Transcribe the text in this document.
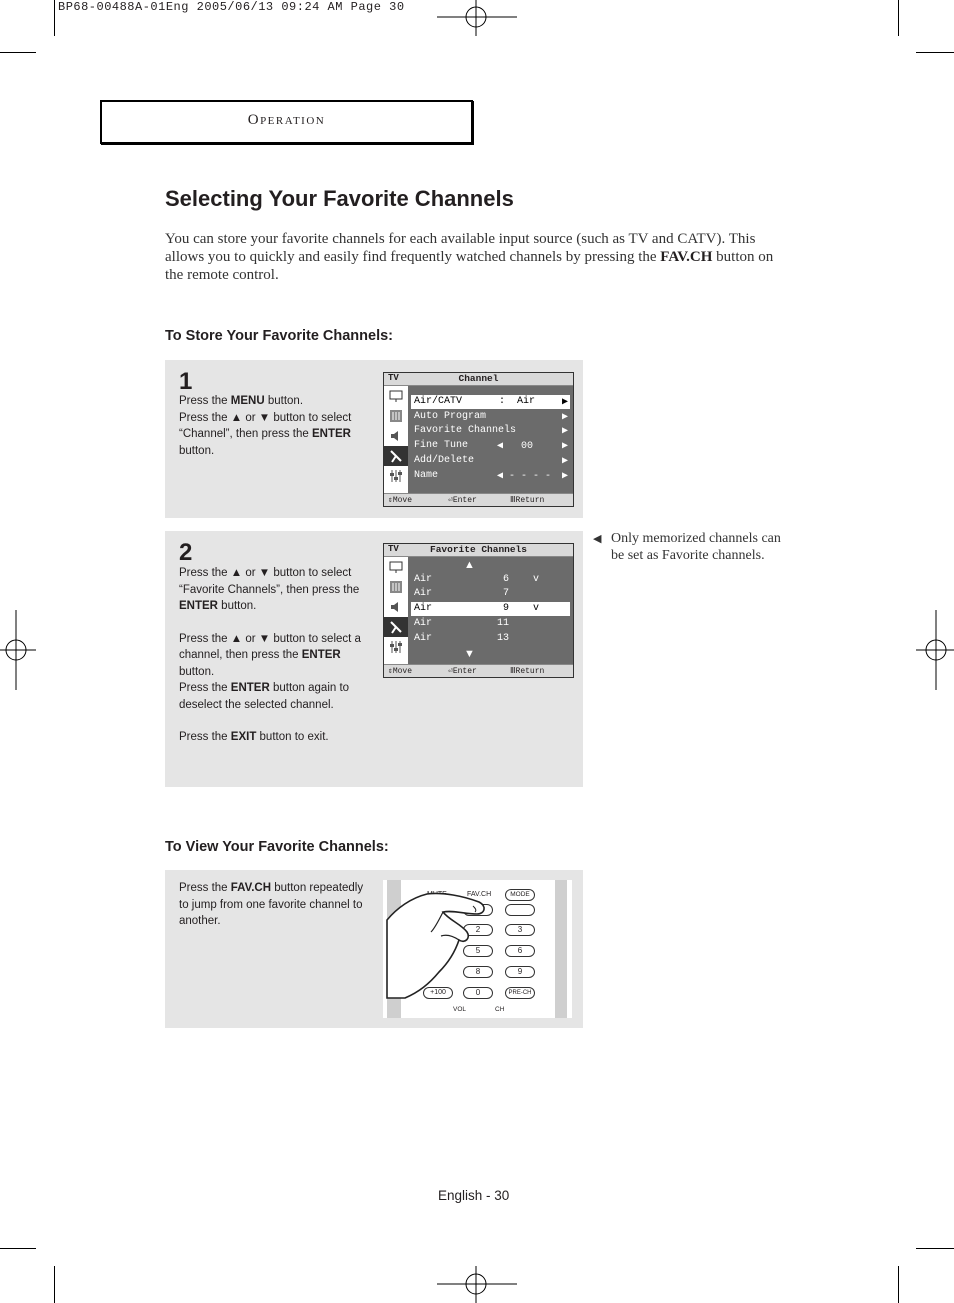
BP68-00488A-01Eng 2005/06/13 09:24 AM Page 30
Operation
Selecting Your Favorite Channels
You can store your favorite channels for each available input source (such as TV and CATV). This allows you to quickly and easily find frequently watched channels by pressing the FAV.CH button on the remote control.
To Store Your Favorite Channels:
1
Press the MENU button.
Press the ▲ or ▼ button to select “Channel”, then press the ENTER button.
TV	Channel
Air/CATV	:  Air	▶
Auto Program	▶
Favorite Channels	▶
Fine Tune	◀   00	▶
Add/Delete	▶
Name	◀ - - - - ▶
⇕Move	⏎Enter	ⅢReturn
2
Press the ▲ or ▼ button to select “Favorite Channels”, then press the ENTER button.
Press the ▲ or ▼ button to select a channel, then press the ENTER button.
Press the ENTER button again to deselect the selected channel.
Press the EXIT button to exit.
TV	Favorite Channels
▲
Air	6 v
Air	7
Air	9 v
Air	11
Air	13
▼
⇕Move	⏎Enter	ⅢReturn
◀ Only memorized channels can be set as Favorite channels.
To View Your Favorite Channels:
Press the FAV.CH button repeatedly to jump from one favorite channel to another.
FAV.CH	MODE
2	3
5	6
8	9
+100	0	PRE-CH
VOL	CH
English - 30
